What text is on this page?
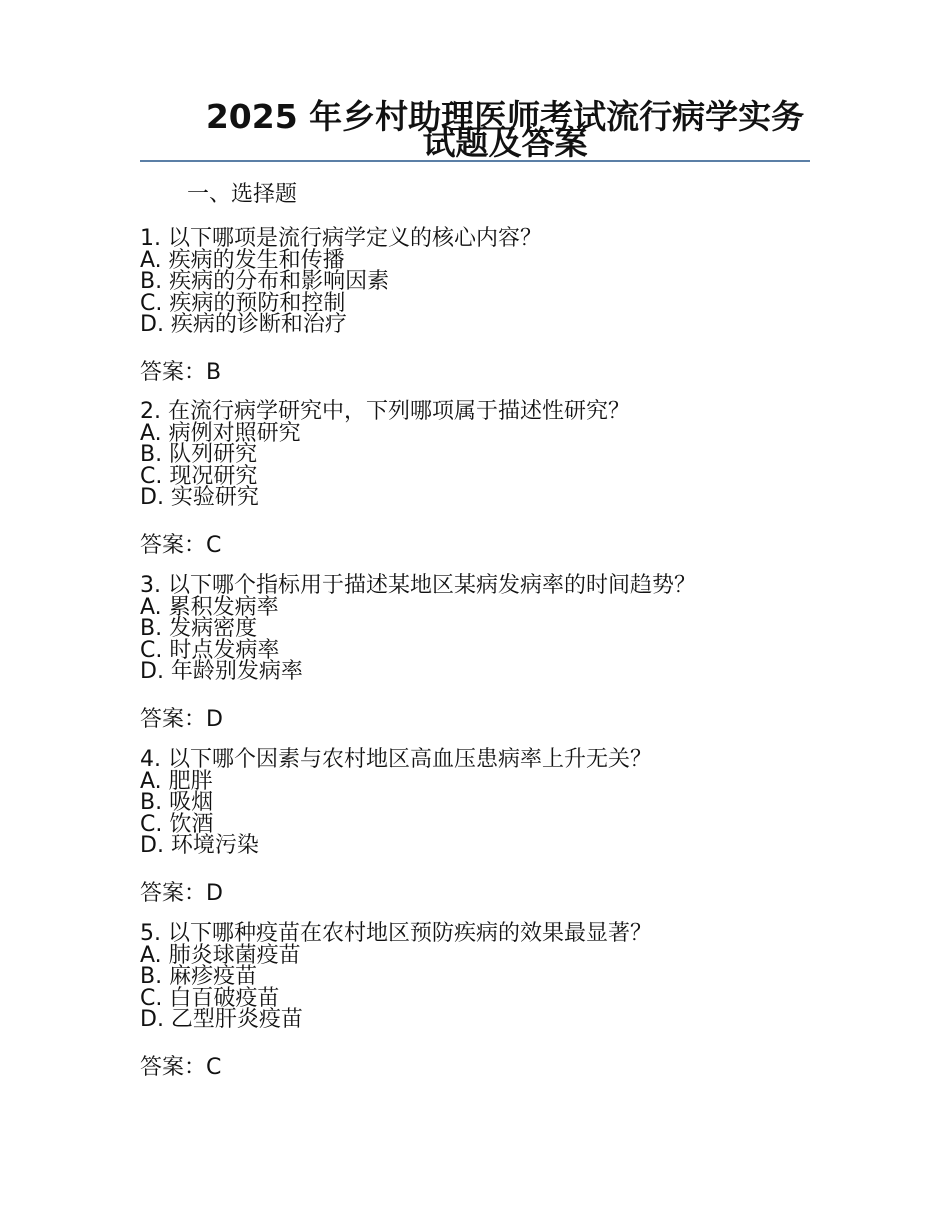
2025 年乡村助理医师考试流行病学实务试题及答案
一、选择题
1. 以下哪项是流行病学定义的核心内容？
A. 疾病的发生和传播
B. 疾病的分布和影响因素
C. 疾病的预防和控制
D. 疾病的诊断和治疗
答案：B
2. 在流行病学研究中，下列哪项属于描述性研究？
A. 病例对照研究
B. 队列研究
C. 现况研究
D. 实验研究
答案：C
3. 以下哪个指标用于描述某地区某病发病率的时间趋势？
A. 累积发病率
B. 发病密度
C. 时点发病率
D. 年龄别发病率
答案：D
4. 以下哪个因素与农村地区高血压患病率上升无关？
A. 肥胖
B. 吸烟
C. 饮酒
D. 环境污染
答案：D
5. 以下哪种疫苗在农村地区预防疾病的效果最显著？
A. 肺炎球菌疫苗
B. 麻疹疫苗
C. 白百破疫苗
D. 乙型肝炎疫苗
答案：C
